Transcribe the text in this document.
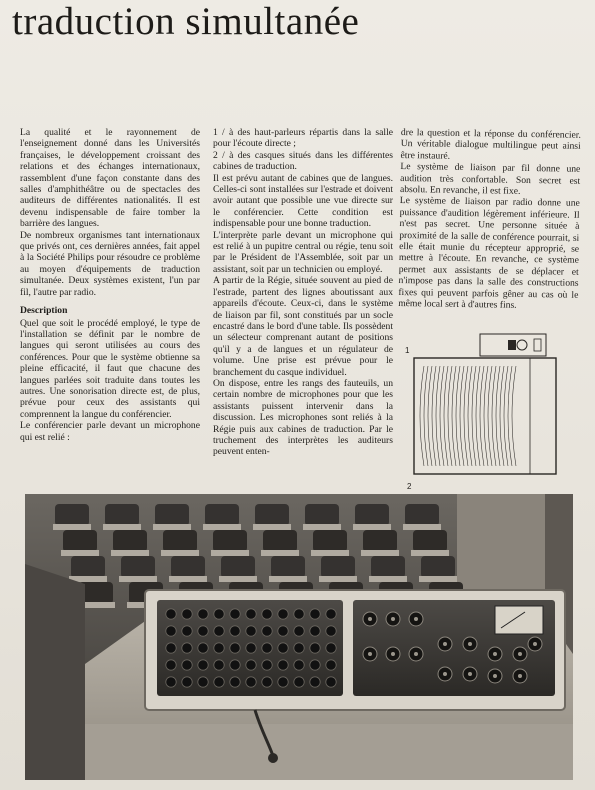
traduction simultanée

La qualité et le rayonnement de l'enseignement donné dans les Universités françaises, le développement croissant des relations et des échanges internationaux, rassemblent d'une façon constante dans des salles d'amphithéâtre ou de spectacles des auditeurs de différentes nationalités. Il est devenu indispensable de faire tomber la barrière des langues.

De nombreux organismes tant internationaux que privés ont, ces dernières années, fait appel à la Société Philips pour résoudre ce problème au moyen d'équipements de traduction simultanée. Deux systèmes existent, l'un par fil, l'autre par radio.

Description

Quel que soit le procédé employé, le type de l'installation se définit par le nombre de langues qui seront utilisées au cours des conférences. Pour que le système obtienne sa pleine efficacité, il faut que chacune des langues parlées soit traduite dans toutes les autres. Une sonorisation directe est, de plus, prévue pour ceux des assistants qui comprennent la langue du conférencier.

Le conférencier parle devant un microphone qui est relié :

1 / à des haut-parleurs répartis dans la salle pour l'écoute directe ;

2 / à des casques situés dans les différentes cabines de traduction.

Il est prévu autant de cabines que de langues. Celles-ci sont installées sur l'estrade et doivent avoir autant que possible une vue directe sur le conférencier. Cette condition est indispensable pour une bonne traduction.

L'interprète parle devant un microphone qui est relié à un pupitre central ou régie, tenu soit par le Président de l'Assemblée, soit par un assistant, soit par un technicien ou employé.

A partir de la Régie, située souvent au pied de l'estrade, partent des lignes aboutissant aux appareils d'écoute. Ceux-ci, dans le système de liaison par fil, sont constitués par un socle encastré dans le bord d'une table. Ils possèdent un sélecteur comprenant autant de positions qu'il y a de langues et un régulateur de volume. Une prise est prévue pour le branchement du casque individuel.

On dispose, entre les rangs des fauteuils, un certain nombre de microphones pour que les assistants puissent intervenir dans la discussion. Les microphones sont reliés à la Régie puis aux cabines de traduction. Par le truchement des interprètes les auditeurs peuvent enten-

dre la question et la réponse du conférencier. Un véritable dialogue multilingue peut ainsi être instauré.

Le système de liaison par fil donne une audition très confortable. Son secret est absolu. En revanche, il est fixe.

Le système de liaison par radio donne une puissance d'audition légèrement inférieure. Il n'est pas secret. Une personne située à proximité de la salle de conférence pourrait, si elle était munie du récepteur approprié, se mettre à l'écoute. En revanche, ce système permet aux assistants de se déplacer et n'impose pas dans la salle des constructions fixes qui peuvent parfois gêner au cas où le même local sert à d'autres fins.

1
2
